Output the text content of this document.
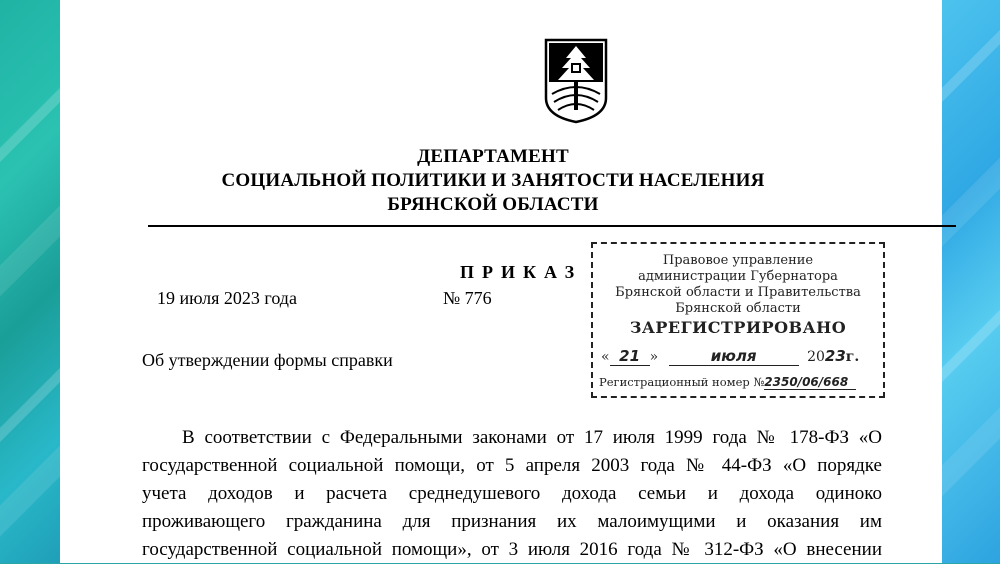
ДЕПАРТАМЕНТ
СОЦИАЛЬНОЙ ПОЛИТИКИ И ЗАНЯТОСТИ НАСЕЛЕНИЯ
БРЯНСКОЙ ОБЛАСТИ
ПРИКАЗ
19 июля 2023 года	№ 776
Об утверждении формы справки
Правовое управление
администрации Губернатора
Брянской области и Правительства
Брянской области
ЗАРЕГИСТРИРОВАНО
« 21 »	июля	2023г.
Регистрационный номер №2350/06/668
В соответствии с Федеральными законами от 17 июля 1999 года № 178-ФЗ «О
государственной социальной помощи, от 5 апреля 2003 года № 44-ФЗ «О порядке
учета доходов и расчета среднедушевого дохода семьи и дохода одиноко
проживающего гражданина для признания их малоимущими и оказания им
государственной социальной помощи», от 3 июля 2016 года № 312-ФЗ «О внесении
